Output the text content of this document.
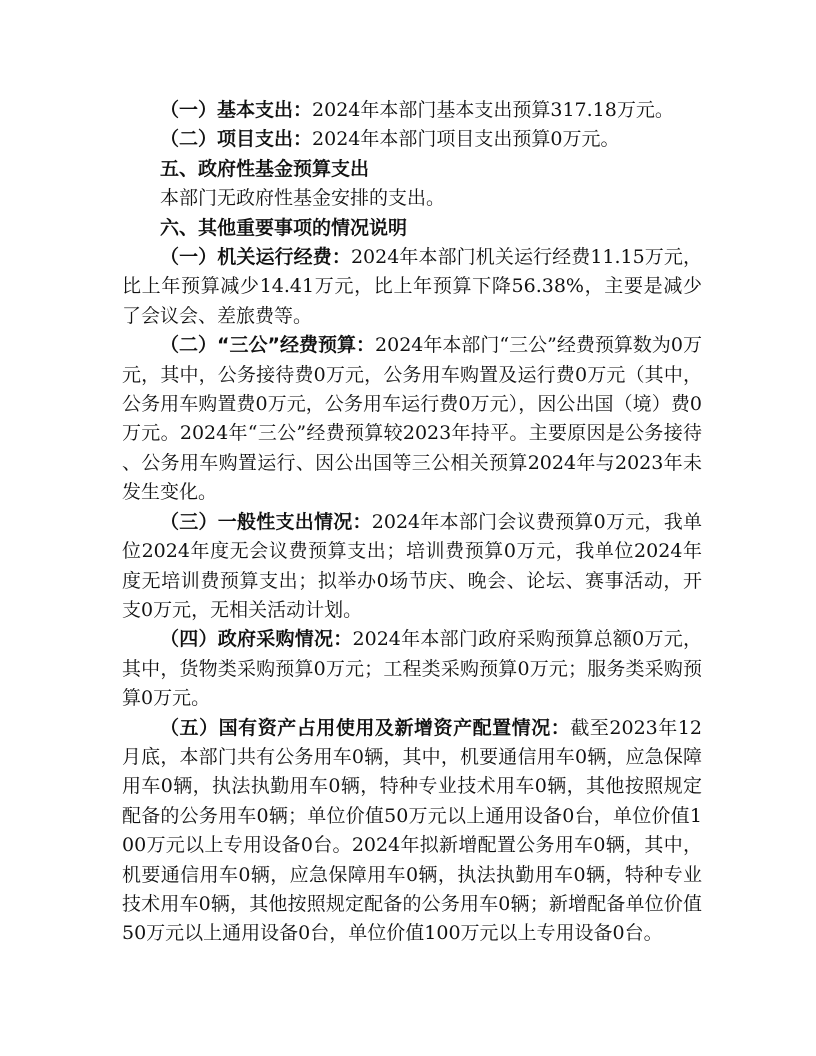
（一）基本支出：2024年本部门基本支出预算317.18万元。

（二）项目支出：2024年本部门项目支出预算0万元。

五、政府性基金预算支出

本部门无政府性基金安排的支出。

六、其他重要事项的情况说明

（一）机关运行经费：2024年本部门机关运行经费11.15万元，比上年预算减少14.41万元，比上年预算下降56.38%，主要是减少了会议会、差旅费等。

（二）“三公”经费预算：2024年本部门“三公”经费预算数为0万元，其中，公务接待费0万元，公务用车购置及运行费0万元（其中，公务用车购置费0万元，公务用车运行费0万元），因公出国（境）费0万元。2024年“三公”经费预算较2023年持平。主要原因是公务接待、公务用车购置运行、因公出国等三公相关预算2024年与2023年未发生变化。

（三）一般性支出情况：2024年本部门会议费预算0万元，我单位2024年度无会议费预算支出；培训费预算0万元，我单位2024年度无培训费预算支出；拟举办0场节庆、晚会、论坛、赛事活动，开支0万元，无相关活动计划。

（四）政府采购情况：2024年本部门政府采购预算总额0万元，其中，货物类采购预算0万元；工程类采购预算0万元；服务类采购预算0万元。

（五）国有资产占用使用及新增资产配置情况：截至2023年12月底，本部门共有公务用车0辆，其中，机要通信用车0辆，应急保障用车0辆，执法执勤用车0辆，特种专业技术用车0辆，其他按照规定配备的公务用车0辆；单位价值50万元以上通用设备0台，单位价值100万元以上专用设备0台。2024年拟新增配置公务用车0辆，其中，机要通信用车0辆，应急保障用车0辆，执法执勤用车0辆，特种专业技术用车0辆，其他按照规定配备的公务用车0辆；新增配备单位价值50万元以上通用设备0台，单位价值100万元以上专用设备0台。
